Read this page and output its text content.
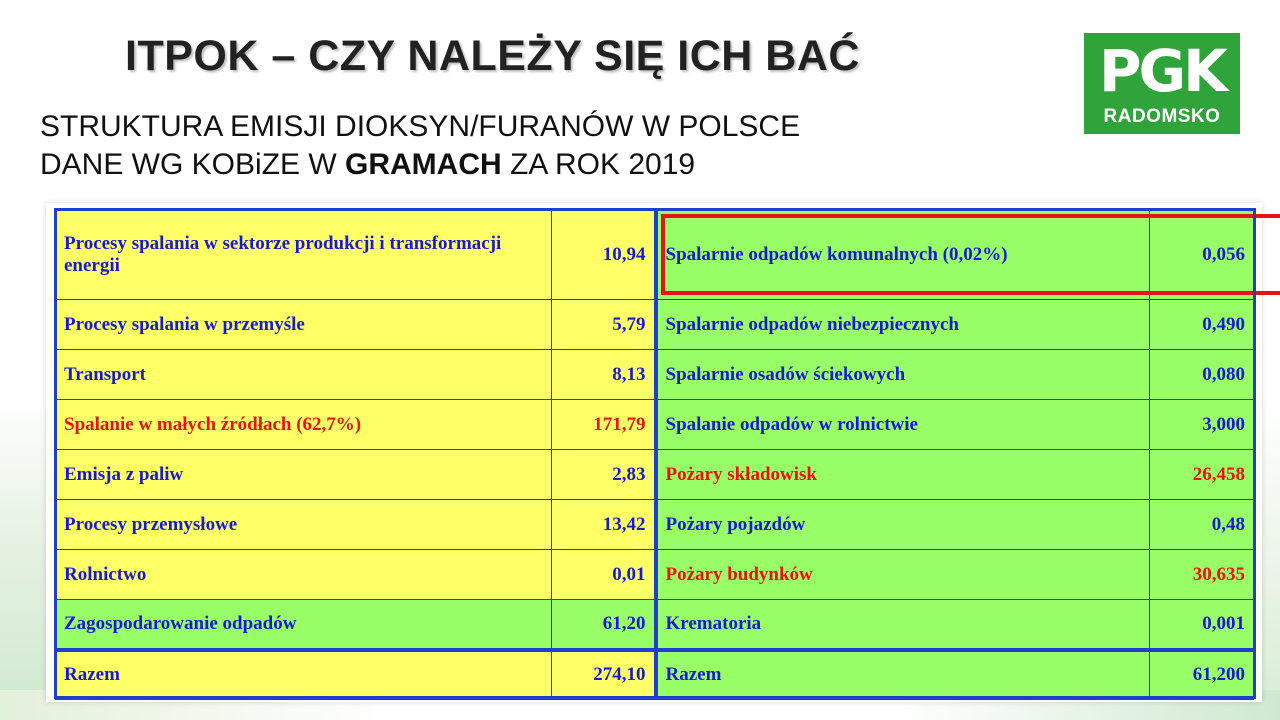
ITPOK – CZY NALEŻY SIĘ ICH BAĆ
STRUKTURA EMISJI DIOKSYN/FURANÓW W POLSCE
DANE WG KOBiZE W GRAMACH ZA ROK 2019
PGK
RADOMSKO
Procesy spalania w sektorze produkcji i transformacji energii	10,94	Spalarnie odpadów komunalnych (0,02%)	0,056
Procesy spalania w przemyśle	5,79	Spalarnie odpadów niebezpiecznych	0,490
Transport	8,13	Spalarnie osadów ściekowych	0,080
Spalanie w małych źródłach (62,7%)	171,79	Spalanie odpadów w rolnictwie	3,000
Emisja z paliw	2,83	Pożary składowisk	26,458
Procesy przemysłowe	13,42	Pożary pojazdów	0,48
Rolnictwo	0,01	Pożary budynków	30,635
Zagospodarowanie odpadów	61,20	Krematoria	0,001
Razem	274,10	Razem	61,200
